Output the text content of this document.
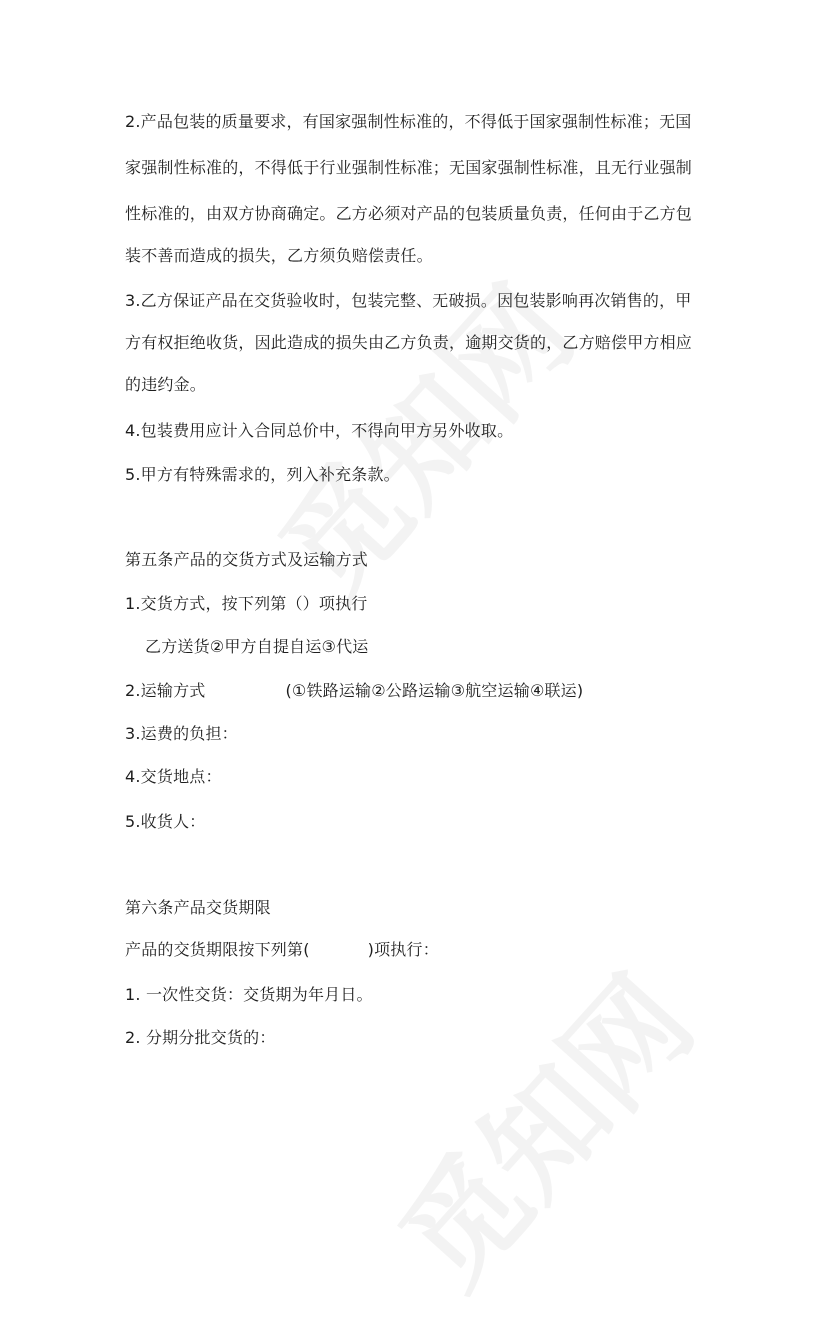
2.产品包装的质量要求，有国家强制性标准的，不得低于国家强制性标准；无国
家强制性标准的，不得低于行业强制性标准；无国家强制性标准，且无行业强制
性标准的，由双方协商确定。乙方必须对产品的包装质量负责，任何由于乙方包
装不善而造成的损失，乙方须负赔偿责任。
3.乙方保证产品在交货验收时，包装完整、无破损。因包装影响再次销售的，甲
方有权拒绝收货，因此造成的损失由乙方负责，逾期交货的，乙方赔偿甲方相应
的违约金。
4.包装费用应计入合同总价中，不得向甲方另外收取。
5.甲方有特殊需求的，列入补充条款。
第五条产品的交货方式及运输方式
1.交货方式，按下列第（）项执行
乙方送货②甲方自提自运③代运
2.运输方式	(①铁路运输②公路运输③航空运输④联运)
3.运费的负担：
4.交货地点：
5.收货人：
第六条产品交货期限
产品的交货期限按下列第(	)项执行：
1. 一次性交货：交货期为年月日。
2. 分期分批交货的：
